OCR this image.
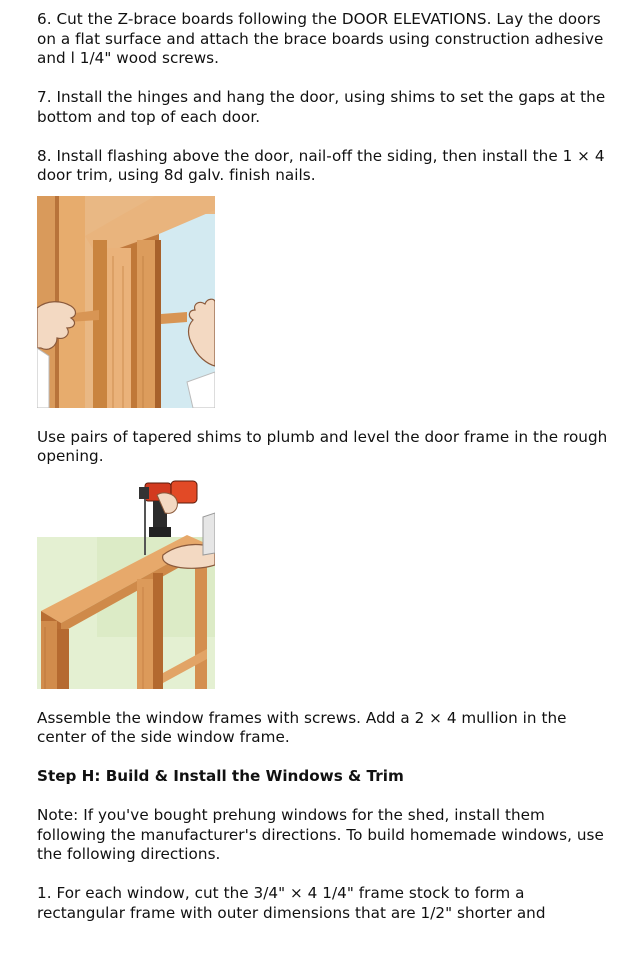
6. Cut the Z-brace boards following the DOOR ELEVATIONS. Lay the doors on a flat surface and attach the brace boards using construction adhesive and l 1/4" wood screws.

7. Install the hinges and hang the door, using shims to set the gaps at the bottom and top of each door.

8. Install flashing above the door, nail-off the siding, then install the 1 × 4 door trim, using 8d galv. finish nails.

Use pairs of tapered shims to plumb and level the door frame in the rough opening.

Assemble the window frames with screws. Add a 2 × 4 mullion in the center of the side window frame.

Step H: Build & Install the Windows & Trim

Note: If you've bought prehung windows for the shed, install them following the manufacturer's directions. To build homemade windows, use the following directions.

1. For each window, cut the 3/4" × 4 1/4" frame stock to form a rectangular frame with outer dimensions that are 1/2" shorter and
